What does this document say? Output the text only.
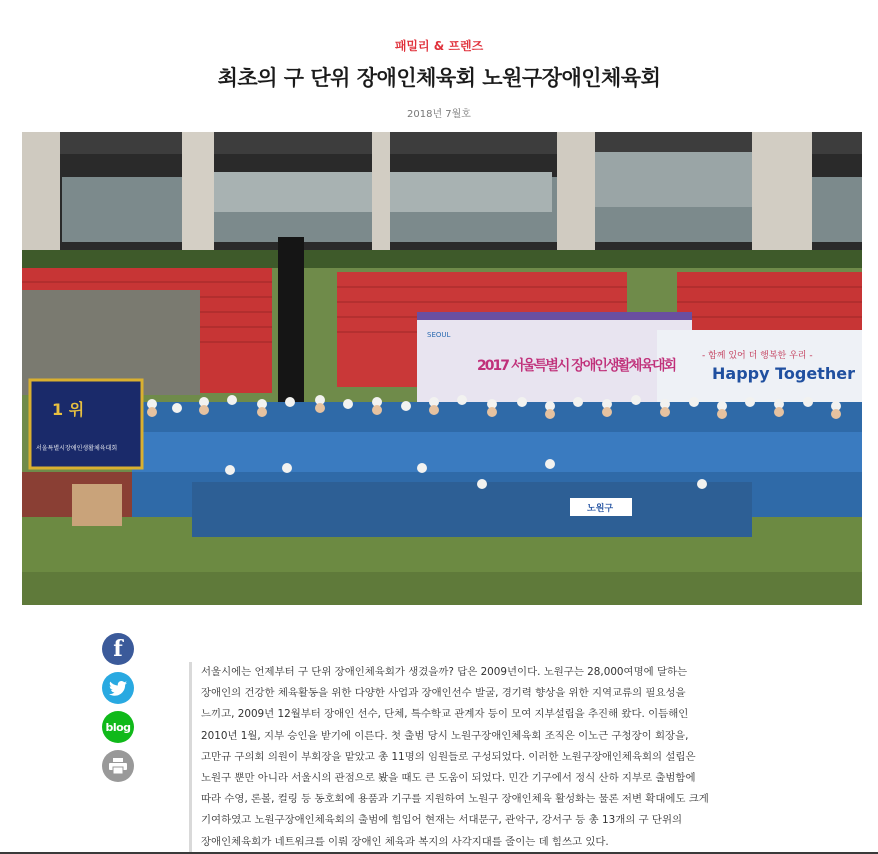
패밀리 & 프렌즈
최초의 구 단위 장애인체육회 노원구장애인체육회
2018년 7월호
SEOUL
2017 서울특별시 장애인생활체육대회
- 함께 있어 더 행복한 우리 -
Happy Together
1 위
서울특별시장애인생활체육대회
노원구
f
blog
서울시에는 언제부터 구 단위 장애인체육회가 생겼을까? 답은 2009년이다. 노원구는 28,000여명에 달하는
장애인의 건강한 체육활동을 위한 다양한 사업과 장애인선수 발굴, 경기력 향상을 위한 지역교류의 필요성을
느끼고, 2009년 12월부터 장애인 선수, 단체, 특수학교 관계자 등이 모여 지부설립을 추진해 왔다. 이듬해인
2010년 1월, 지부 승인을 받기에 이른다. 첫 출범 당시 노원구장애인체육회 조직은 이노근 구청장이 회장을,
고만규 구의회 의원이 부회장을 맡았고 총 11명의 임원들로 구성되었다. 이러한 노원구장애인체육회의 설립은
노원구 뿐만 아니라 서울시의 관점으로 봤을 때도 큰 도움이 되었다. 민간 기구에서 정식 산하 지부로 출범함에
따라 수영, 론볼, 컬링 등 동호회에 용품과 기구를 지원하여 노원구 장애인체육 활성화는 물론 저변 확대에도 크게
기여하였고 노원구장애인체육회의 출범에 힘입어 현재는 서대문구, 관악구, 강서구 등 총 13개의 구 단위의
장애인체육회가 네트워크를 이뤄 장애인 체육과 복지의 사각지대를 줄이는 데 힘쓰고 있다.
